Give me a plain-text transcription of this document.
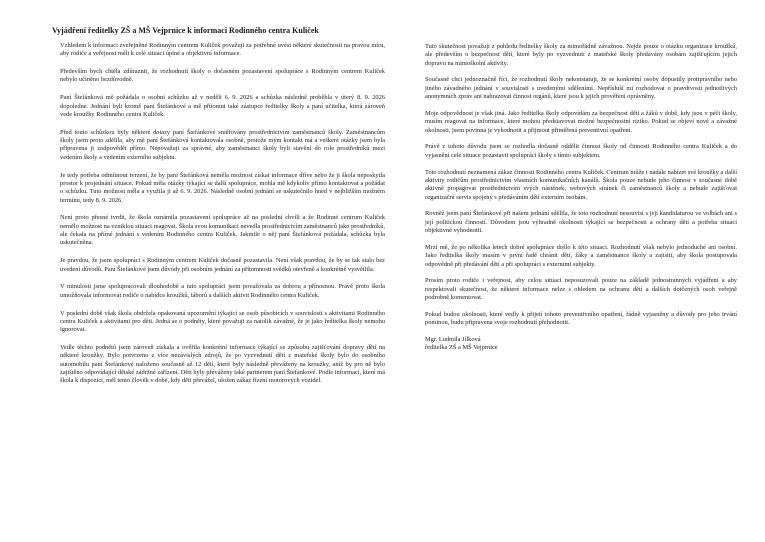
Vyjádření ředitelky ZŠ a MŠ Vejprnice k informaci Rodinného centra Kuliček

Vzhledem k informaci zveřejněné Rodinným centrem Kuliček považuji za potřebné uvést některé skutečnosti na pravou míru, aby rodiče a veřejnost měli k celé situaci úplné a objektivní informace.

Především bych chtěla zdůraznit, že rozhodnutí školy o dočasném pozastavení spolupráce s Rodinným centrem Kuliček nebylo učiněno bezdůvodně.

Paní Štefánková mě požádala o osobní schůzku až v neděli 6. 9. 2026 a schůzka následně proběhla v úterý 8. 9. 2026 dopoledne. Jednání byli kromě paní Štefánkové a mě přítomni také zástupce ředitelky školy a paní učitelka, která zároveň vede kroužky Rodinného centra Kuliček.

Před touto schůzkou byly některé dotazy paní Štefánkové směřovány prostřednictvím zaměstnanců školy. Zaměstnancům školy jsem proto sdělila, aby mě paní Štefánková kontaktovala osobně, protože mým kontakt má a veškeré otázky jsem byla připravena ji zodpovědět přímo. Nepovažuji za správné, aby zaměstnanci školy byli stavění do role prostředníků mezi vedením školy a vedením externího subjektu.

Je tedy potřeba odmítnout tvrzení, že by paní Štefánková neměla možnost získat informace dříve nebo že ji škola neposkytla prostor k projednání situace. Pokud měla otázky týkající se další spolupráce, mohla mě kdykoliv přímo kontaktovat a požádat o schůzku. Tuto možnost měla a využila ji až 6. 9. 2026. Následně osobní jednání se uskutečnilo hned v nejbližším možném termínu, tedy 8. 9. 2026.

Není proto přesné tvrdit, že škola oznámila pozastavení spolupráce až na poslední chvíli a že Rodinné centrum Kuliček nemělo možnost na vzniklou situaci reagovat. Škola svou komunikaci nevedla prostřednictvím zaměstnanců jako prostředníků, ale čekala na přímé jednání s vedením Rodinného centra Kuliček. Jakmile o něj paní Štefánková požádala, schůzka byla uskutečněna.

Je pravdou, že jsem spolupráci s Rodinným centrem Kuliček dočasně pozastavila. Není však pravdou, že by se tak stalo bez uvedení důvodů. Paní Štefánkové jsem důvody při osobním jednání za přítomnosti svědků otevřeně a konkrétně vysvětlila.

V minulosti jsme spolupracovali dlouhodobě a tuto spolupráci jsem považovala za dobrou a přínosnou. Právě proto škola umožňovala informovat rodiče o nabídce kroužků, táborů a dalších aktivit Rodinného centra Kuliček.

V poslední době však škola obdržela opakovaná upozornění týkající se osob působících v souvislosti s aktivitami Rodinného centra Kuliček a aktivitami pro děti. Jedná se o podněty, které považuji za natolik závažné, že je jako ředitelka školy nemohu ignorovat.

Vedle těchto podnětů jsem zároveň získala a ověřila konkrétní informace týkající se způsobu zajišťování dopravy dětí na některé kroužky. Bylo potvrzeno z více nezávislých zdrojů, že po vyzvednutí dětí z mateřské školy bylo do osobního automobilu paní Štefánkové naloženo současně až 12 dětí, které byly následně převáženy na kroužky, aniž by pro ně bylo zajištěno odpovídající dětské zádržné zařízení. Děti byly převáženy také partnerem paní Štefánkové. Podle informací, které má škola k dispozici, měl tento člověk v době, kdy děti převážel, uložen zákaz řízení motorových vozidel.

Tuto skutečnost považuji z pohledu ředitelky školy za mimořádně závažnou. Nejde pouze o otázku organizace kroužků, ale především o bezpečnost dětí, které byly po vyzvednutí z mateřské školy předávány osobám zajišťujícím jejich dopravu na mimoškolní aktivity.

Současně chci jednoznačně říci, že rozhodnutí školy nekonstatuji, že se konkrétní osoby dopustily protiprávního nebo jiného závadného jednání v souvislosti s uvedenými sděleními. Nepřísluší mi rozhodovat o pravdivosti jednotlivých anonymních zpráv ani nahrazovat činnost orgánů, které jsou k jejich prověření oprávněny.

Moje odpovědnost je však jiná. Jako ředitelka školy odpovídám za bezpečnost dětí a žáků v době, kdy jsou v péči školy, musím reagovat na informace, které mohou představovat možné bezpečnostní riziko. Pokud se objeví nové a závažné okolnosti, jsem povinna je vyhodnotit a přijmout přiměřená preventivní opatření.

Právě z tohoto důvodu jsem se rozhodla dočasně oddělit činnost školy od činnosti Rodinného centra Kuliček a do vyjasnění celé situace pozastavit spolupráci školy s tímto subjektem.

Toto rozhodnutí neznamená zákaz činnosti Rodinného centra Kuliček. Centrum může i nadále nabízet své kroužky a další aktivity rodičům prostřednictvím vlastních komunikačních kanálů. Škola pouze nebude jeho činnost v současné době aktivně propagovat prostřednictvím svých nástěnek, webových stránek či zaměstnanců školy a nebude zajišťovat organizační servis spojený s předáváním dětí externím osobám.

Rovněž jsem paní Štefánkové při našem jednání sdělila, že toto rozhodnutí nesouvisí s její kandidaturou ve volbách ani s její politickou činností. Důvodem jsou výhradně okolnosti týkající se bezpečnosti a ochrany dětí a potřeba situaci objektivně vyhodnotit.

Mrzí mě, že po několika letech dobré spolupráce došlo k této situaci. Rozhodnutí však nebylo jednoduché ani osobní. Jako ředitelka školy musím v první řadě chránit děti, žáky a zaměstnance školy a zajistit, aby škola postupovala odpovědně při předávání dětí a při spolupráci s externími subjekty.

Prosím proto rodiče i veřejnost, aby celou situaci neposuzovali pouze na základě jednostranných vyjádření a aby respektovali skutečnost, že některé informace nelze s ohledem na ochranu dětí a dalších dotčených osob veřejně podrobně komentovat.

Pokud budou okolnosti, které vedly k přijetí tohoto preventivního opatření, řádně vyjasněny a důvody pro jeho trvání pominou, budu připravena svoje rozhodnutí přehodnotit.

Mgr. Ludmila Jílková
ředitelka ZŠ a MŠ Vejprnice
